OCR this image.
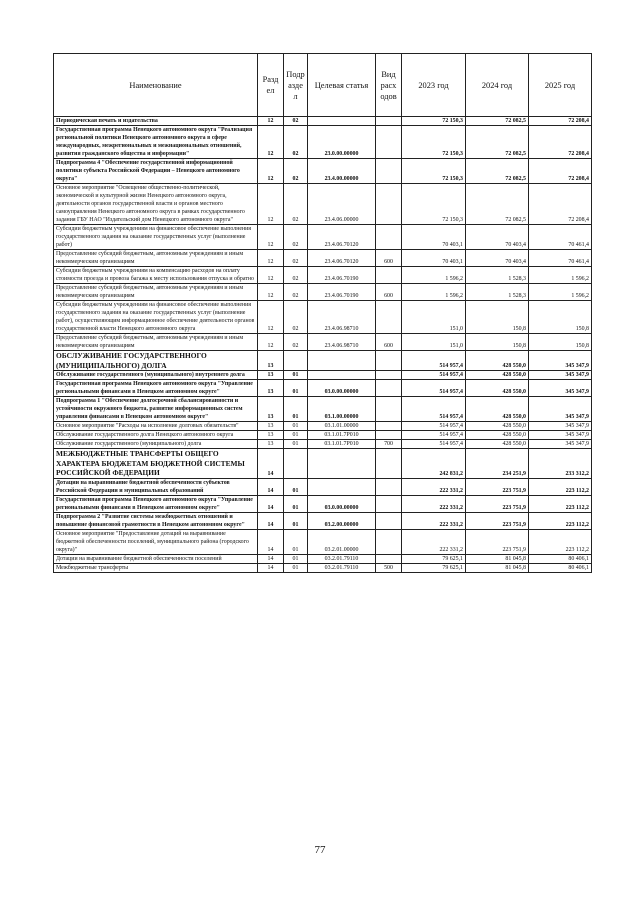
Наименование	Разд ел	Подр азде л	Целевая статья	Вид расх одов	2023 год	2024 год	2025 год
Периодическая печать и издательства	12	02			72 150,3	72 082,5	72 208,4
Государственная программа Ненецкого автономного округа "Реализация региональной политики Ненецкого автономного округа в сфере международных, межрегиональных и межнациональных отношений, развития гражданского общества и информации"	12	02	23.0.00.00000		72 150,3	72 082,5	72 208,4
Подпрограмма 4 "Обеспечение государственной информационной политики субъекта Российской Федерации – Ненецкого автономного округа"	12	02	23.4.00.00000		72 150,3	72 082,5	72 208,4
Основное мероприятие "Освещение общественно-политической, экономической и культурной жизни Ненецкого автономного округа, деятельности органов государственной власти и органов местного самоуправления Ненецкого автономного округа в рамках государственного задания ГБУ НАО "Издательский дом Ненецкого автономного округа"	12	02	23.4.06.00000		72 150,3	72 082,5	72 208,4
Субсидии бюджетным учреждениям на финансовое обеспечение выполнения государственного задания на оказание государственных услуг (выполнение работ)	12	02	23.4.06.70120		70 403,1	70 403,4	70 461,4
Предоставление субсидий бюджетным, автономным учреждениям и иным некоммерческим организациям	12	02	23.4.06.70120	600	70 403,1	70 403,4	70 461,4
Субсидии бюджетным учреждениям на компенсацию расходов на оплату стоимости проезда и провоза багажа к месту использования отпуска и обратно	12	02	23.4.06.70190		1 596,2	1 528,3	1 596,2
Предоставление субсидий бюджетным, автономным учреждениям и иным некоммерческим организациям	12	02	23.4.06.70190	600	1 596,2	1 528,3	1 596,2
Субсидии бюджетным учреждениям на финансовое обеспечение выполнения государственного задания на оказание государственных услуг (выполнение работ), осуществляющим информационное обеспечение деятельности органов государственной власти Ненецкого автономного округа	12	02	23.4.06.98710		151,0	150,8	150,8
Предоставление субсидий бюджетным, автономным учреждениям и иным некоммерческим организациям	12	02	23.4.06.98710	600	151,0	150,8	150,8
ОБСЛУЖИВАНИЕ ГОСУДАРСТВЕННОГО (МУНИЦИПАЛЬНОГО) ДОЛГА	13				514 957,4	428 550,0	345 347,9
Обслуживание государственного (муниципального) внутреннего долга	13	01			514 957,4	428 550,0	345 347,9
Государственная программа Ненецкого автономного округа "Управление региональными финансами в Ненецком автономном округе"	13	01	03.0.00.00000		514 957,4	428 550,0	345 347,9
Подпрограмма 1 "Обеспечение долгосрочной сбалансированности и устойчивости окружного бюджета, развитие информационных систем управления финансами в Ненецком автономном округе"	13	01	03.1.00.00000		514 957,4	428 550,0	345 347,9
Основное мероприятие "Расходы на исполнение долговых обязательств"	13	01	03.1.01.00000		514 957,4	428 550,0	345 347,9
Обслуживание государственного долга Ненецкого автономного округа	13	01	03.1.01.7Р010		514 957,4	428 550,0	345 347,9
Обслуживание государственного (муниципального) долга	13	01	03.1.01.7Р010	700	514 957,4	428 550,0	345 347,9
МЕЖБЮДЖЕТНЫЕ ТРАНСФЕРТЫ ОБЩЕГО ХАРАКТЕРА БЮДЖЕТАМ БЮДЖЕТНОЙ СИСТЕМЫ РОССИЙСКОЙ ФЕДЕРАЦИИ	14				242 831,2	234 251,9	233 312,2
Дотации на выравнивание бюджетной обеспеченности субъектов Российской Федерации и муниципальных образований	14	01			222 331,2	223 751,9	223 112,2
Государственная программа Ненецкого автономного округа "Управление региональными финансами в Ненецком автономном округе"	14	01	03.0.00.00000		222 331,2	223 751,9	223 112,2
Подпрограмма 2 "Развитие системы межбюджетных отношений и повышение финансовой грамотности в Ненецком автономном округе"	14	01	03.2.00.00000		222 331,2	223 751,9	223 112,2
Основное мероприятие "Предоставление дотаций на выравнивание бюджетной обеспеченности поселений, муниципального района (городского округа)"	14	01	03.2.01.00000		222 331,2	223 751,9	223 112,2
Дотации на выравнивание бюджетной обеспеченности поселений	14	01	03.2.01.79110		79 625,1	81 045,8	80 406,1
Межбюджетные трансферты	14	01	03.2.01.79110	500	79 625,1	81 045,8	80 406,1
77
